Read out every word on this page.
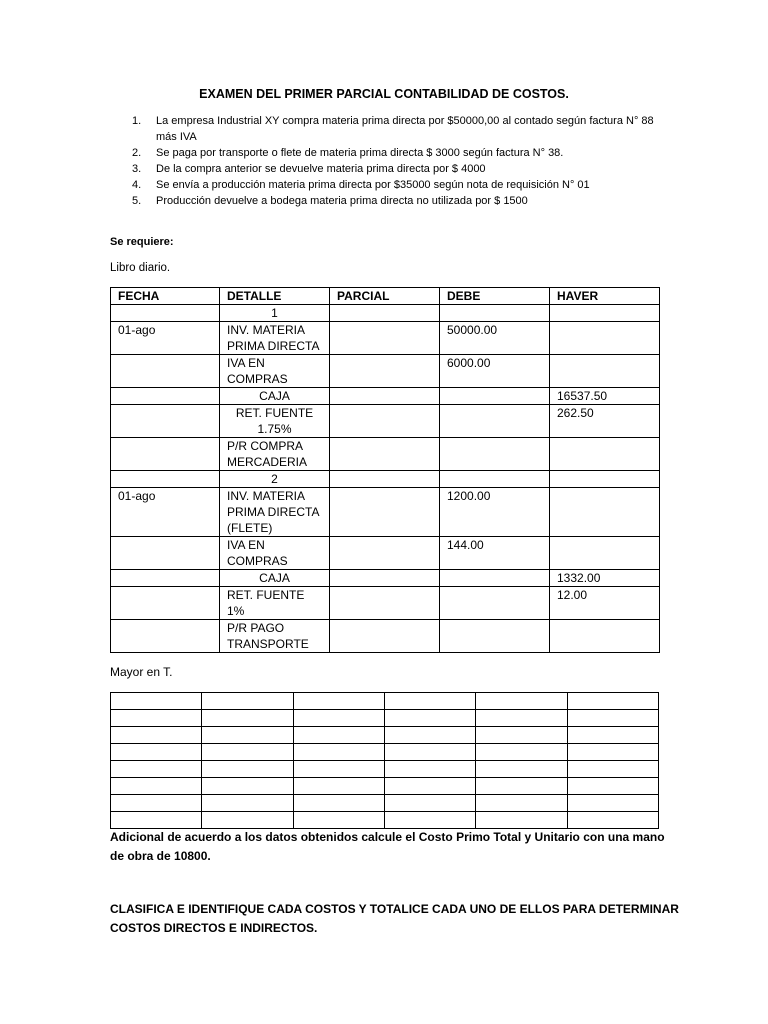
EXAMEN DEL PRIMER PARCIAL CONTABILIDAD DE COSTOS.
1.	La empresa Industrial XY compra materia prima directa por $50000,00 al contado según factura N° 88 más IVA
2.	Se paga por transporte o flete de materia prima directa $ 3000 según factura N° 38.
3.	De la compra anterior se devuelve materia prima directa por $ 4000
4.	Se envía a producción materia prima directa por $35000 según nota de requisición N° 01
5.	Producción devuelve a bodega materia prima directa no utilizada por $ 1500
Se requiere:
Libro diario.
FECHA	DETALLE	PARCIAL	DEBE	HAVER
	1			
01-ago	INV. MATERIA PRIMA DIRECTA		50000.00	
	IVA EN COMPRAS		6000.00	
	CAJA			16537.50
	RET. FUENTE 1.75%			262.50
	P/R COMPRA MERCADERIA			
	2			
01-ago	INV. MATERIA PRIMA DIRECTA (FLETE)		1200.00	
	IVA EN COMPRAS		144.00	
	CAJA			1332.00
	RET. FUENTE 1%			12.00
	P/R PAGO TRANSPORTE			
Mayor en T.

Adicional de acuerdo a los datos obtenidos calcule el Costo Primo Total y Unitario con una mano de obra de 10800.
CLASIFICA E IDENTIFIQUE CADA COSTOS Y TOTALICE CADA UNO DE ELLOS PARA DETERMINAR COSTOS DIRECTOS E INDIRECTOS.
